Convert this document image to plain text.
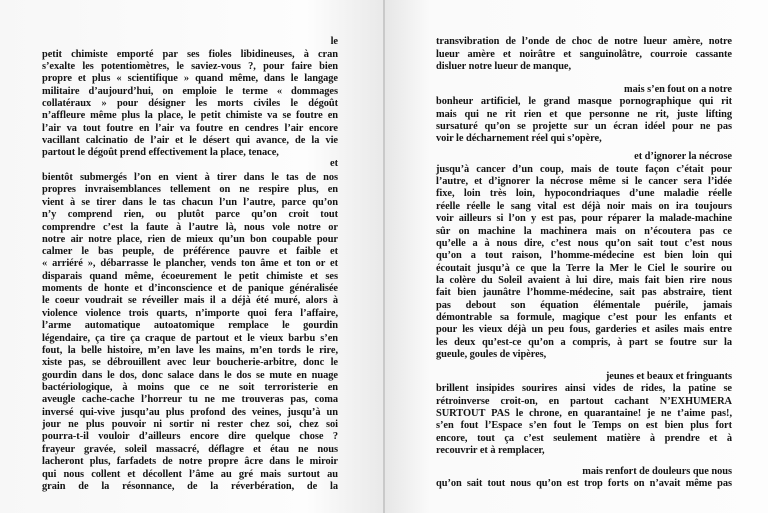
le
petit chimiste emporté par ses fioles libidineuses, à cran
s’exalte les potentiomètres, le saviez-vous ?, pour faire bien
propre et plus « scientifique » quand même, dans le langage
militaire d’aujourd’hui, on emploie le terme « dommages
collatéraux » pour désigner les morts civiles le dégoût
n’affleure même plus la place, le petit chimiste va se foutre en
l’air va tout foutre en l’air va foutre en cendres l’air encore
vacillant calcinatio de l’air et le désert qui avance, de la vie
partout le dégoût prend effectivement la place, tenace,
et
bientôt submergés l’on en vient à tirer dans le tas de nos
propres invraisemblances tellement on ne respire plus, en
vient à se tirer dans le tas chacun l’un l’autre, parce qu’on
n’y comprend rien, ou plutôt parce qu’on croit tout
comprendre c’est la faute à l’autre là, nous vole notre or
notre air notre place, rien de mieux qu’un bon coupable pour
calmer le bas peuple, de préférence pauvre et faible et
« arriéré », débarrasse le plancher, vends ton âme et ton or et
disparais quand même, écoeurement le petit chimiste et ses
moments de honte et d’inconscience et de panique généralisée
le coeur voudrait se réveiller mais il a déjà été muré, alors à
violence violence trois quarts, n’importe quoi fera l’affaire,
l’arme automatique autoatomique remplace le gourdin
légendaire, ça tire ça craque de partout et le vieux barbu s’en
fout, la belle histoire, m’en lave les mains, m’en tords le rire,
xiste pas, se débrouillent avec leur boucherie-arbitre, donc le
gourdin dans le dos, donc salace dans le dos se mute en nuage
bactériologique, à moins que ce ne soit terroristerie en
aveugle cache-cache l’horreur tu ne me trouveras pas, coma
inversé qui-vive jusqu’au plus profond des veines, jusqu’à un
jour ne plus pouvoir ni sortir ni rester chez soi, chez soi
pourra-t-il vouloir d’ailleurs encore dire quelque chose ?
frayeur gravée, soleil massacré, déflagre et étau ne nous
lacheront plus, farfadets de notre propre âcre dans le miroir
qui nous collent et décollent l’âme au gré mais surtout au
grain de la résonnance, de la réverbération, de la
transvibration de l’onde de choc de notre lueur amère, notre
lueur amère et noirâtre et sanguinolâtre, courroie cassante
disluer notre lueur de manque,
mais s’en fout on a notre
bonheur artificiel, le grand masque pornographique qui rit
mais qui ne rit rien et que personne ne rit, juste lifting
sursaturé qu’on se projette sur un écran idéel pour ne pas
voir le décharnement réel qui s’opère,
et d’ignorer la nécrose
jusqu’à cancer d’un coup, mais de toute façon c’était pour
l’autre, et d’ignorer la nécrose même si le cancer sera l’idée
fixe, loin très loin, hypocondriaques d’une maladie réelle
réelle réelle le sang vital est déjà noir mais on ira toujours
voir ailleurs si l’on y est pas, pour réparer la malade-machine
sûr on machine la machinera mais on n’écoutera pas ce
qu’elle a à nous dire, c’est nous qu’on sait tout c’est nous
qu’on a tout raison, l’homme-médecine est bien loin qui
écoutait jusqu’à ce que la Terre la Mer le Ciel le sourire ou
la colère du Soleil avaient à lui dire, mais fait bien rire nous
fait bien jaunâtre l’homme-médecine, sait pas abstraire, tient
pas debout son équation élémentale puérile, jamais
démontrable sa formule, magique c’est pour les enfants et
pour les vieux déjà un peu fous, garderies et asiles mais entre
les deux qu’est-ce qu’on a compris, à part se foutre sur la
gueule, goules de vipères,
jeunes et beaux et fringuants
brillent insipides sourires ainsi vides de rides, la patine se
rétroinverse croit-on, en partout cachant N’EXHUMERA
SURTOUT PAS le chrone, en quarantaine! je ne t’aime pas!,
s’en fout l’Espace s’en fout le Temps on est bien plus fort
encore, tout ça c’est seulement matière à prendre et à
recouvrir et à remplacer,
mais renfort de douleurs que nous
qu’on sait tout nous qu’on est trop forts on n’avait même pas
